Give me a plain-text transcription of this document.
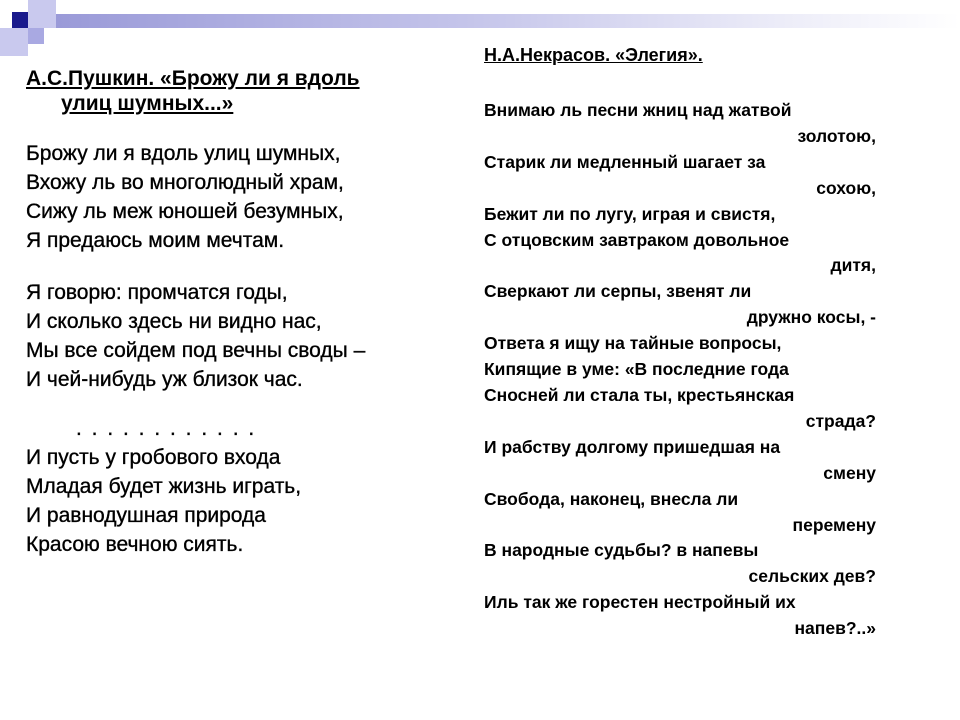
А.С.Пушкин. «Брожу ли я вдоль
улиц шумных...»

Брожу ли я вдоль улиц шумных,
Вхожу ль во многолюдный храм,
Сижу ль меж юношей безумных,
Я предаюсь моим мечтам.
Я говорю: промчатся годы,
И сколько здесь ни видно нас,
Мы все сойдем под вечны своды –
И чей-нибудь уж близок час.
. . . . . . . . . . . .
И пусть у гробового входа
Младая будет жизнь играть,
И равнодушная природа
Красою вечною сиять.

Н.А.Некрасов. «Элегия».

Внимаю ль песни жниц над жатвой
золотою,
Старик ли медленный шагает за
сохою,
Бежит ли по лугу, играя и свистя,
С отцовским завтраком довольное
дитя,
Сверкают ли серпы, звенят ли
дружно косы, -
Ответа я ищу на тайные вопросы,
Кипящие в уме: «В последние года
Сносней ли стала ты, крестьянская
страда?
И рабству долгому пришедшая на
смену
Свобода, наконец, внесла ли
перемену
В народные судьбы? в напевы
сельских дев?
Иль так же горестен нестройный их
напев?..»
